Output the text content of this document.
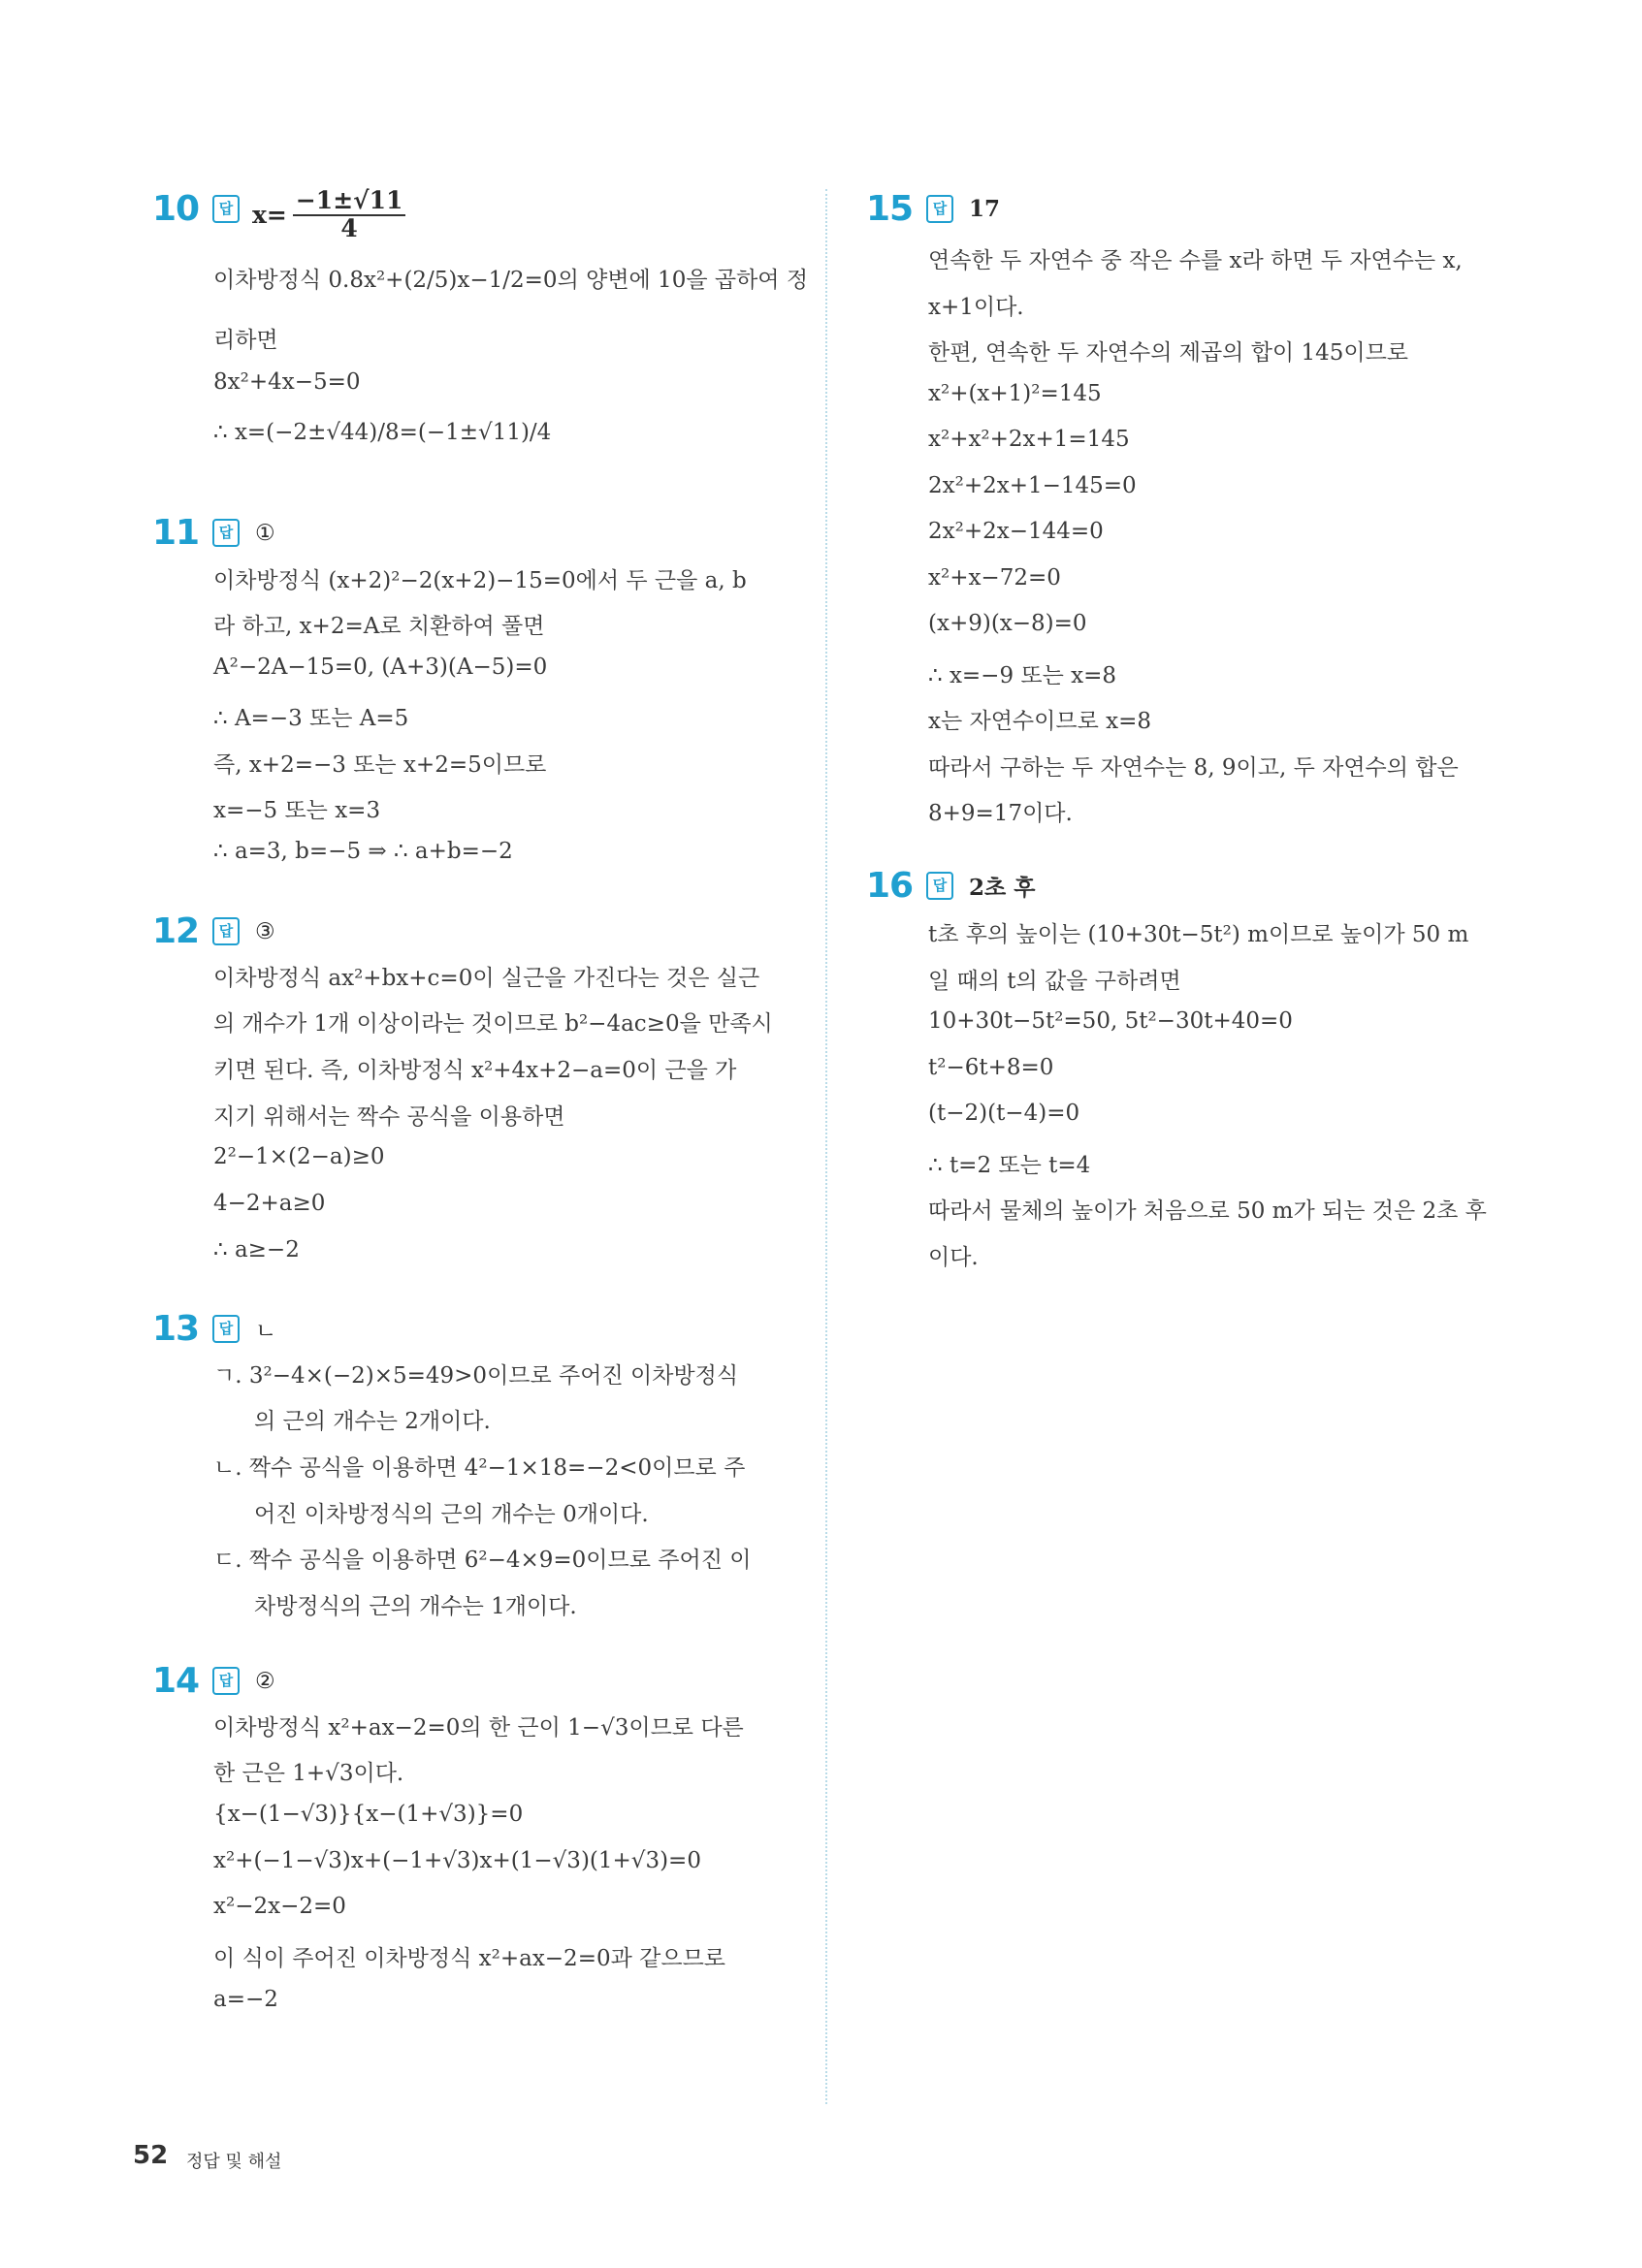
10	답 $x= \frac{-1\pm√11}{4}$
이차방정식 0.8x²+(2/5)x−1/2=0의 양변에 10을 곱하여 정
리하면
8x²+4x−5=0
∴ x=(−2±√44)/8=(−1±√11)/4
11	답 ①
이차방정식 (x+2)²−2(x+2)−15=0에서 두 근을 a, b
라 하고, x+2=A로 치환하여 풀면
A²−2A−15=0, (A+3)(A−5)=0
∴ A=−3 또는 A=5
즉, x+2=−3 또는 x+2=5이므로
x=−5 또는 x=3
∴ a=3, b=−5 ⇒ ∴ a+b=−2
12	답 ③
이차방정식 ax²+bx+c=0이 실근을 가진다는 것은 실근
의 개수가 1개 이상이라는 것이므로 b²−4ac≥0을 만족시
키면 된다. 즉, 이차방정식 x²+4x+2−a=0이 근을 가
지기 위해서는 짝수 공식을 이용하면
2²−1×(2−a)≥0
4−2+a≥0
∴ a≥−2
13	답 ㄴ
ㄱ. 3²−4×(−2)×5=49>0이므로 주어진 이차방정식
의 근의 개수는 2개이다.
ㄴ. 짝수 공식을 이용하면 4²−1×18=−2<0이므로 주
어진 이차방정식의 근의 개수는 0개이다.
ㄷ. 짝수 공식을 이용하면 6²−4×9=0이므로 주어진 이
차방정식의 근의 개수는 1개이다.
14	답 ②
이차방정식 x²+ax−2=0의 한 근이 1−√3이므로 다른
한 근은 1+√3이다.
{x−(1−√3)}{x−(1+√3)}=0
x²+(−1−√3)x+(−1+√3)x+(1−√3)(1+√3)=0
x²−2x−2=0
이 식이 주어진 이차방정식 x²+ax−2=0과 같으므로
a=−2
15	답 17
연속한 두 자연수 중 작은 수를 x라 하면 두 자연수는 x,
x+1이다.
한편, 연속한 두 자연수의 제곱의 합이 145이므로
x²+(x+1)²=145
x²+x²+2x+1=145
2x²+2x+1−145=0
2x²+2x−144=0
x²+x−72=0
(x+9)(x−8)=0
∴ x=−9 또는 x=8
x는 자연수이므로 x=8
따라서 구하는 두 자연수는 8, 9이고, 두 자연수의 합은
8+9=17이다.
16	답 2초 후
t초 후의 높이는 (10+30t−5t²) m이므로 높이가 50 m
일 때의 t의 값을 구하려면
10+30t−5t²=50, 5t²−30t+40=0
t²−6t+8=0
(t−2)(t−4)=0
∴ t=2 또는 t=4
따라서 물체의 높이가 처음으로 50 m가 되는 것은 2초 후
이다.
52 정답 및 해설
